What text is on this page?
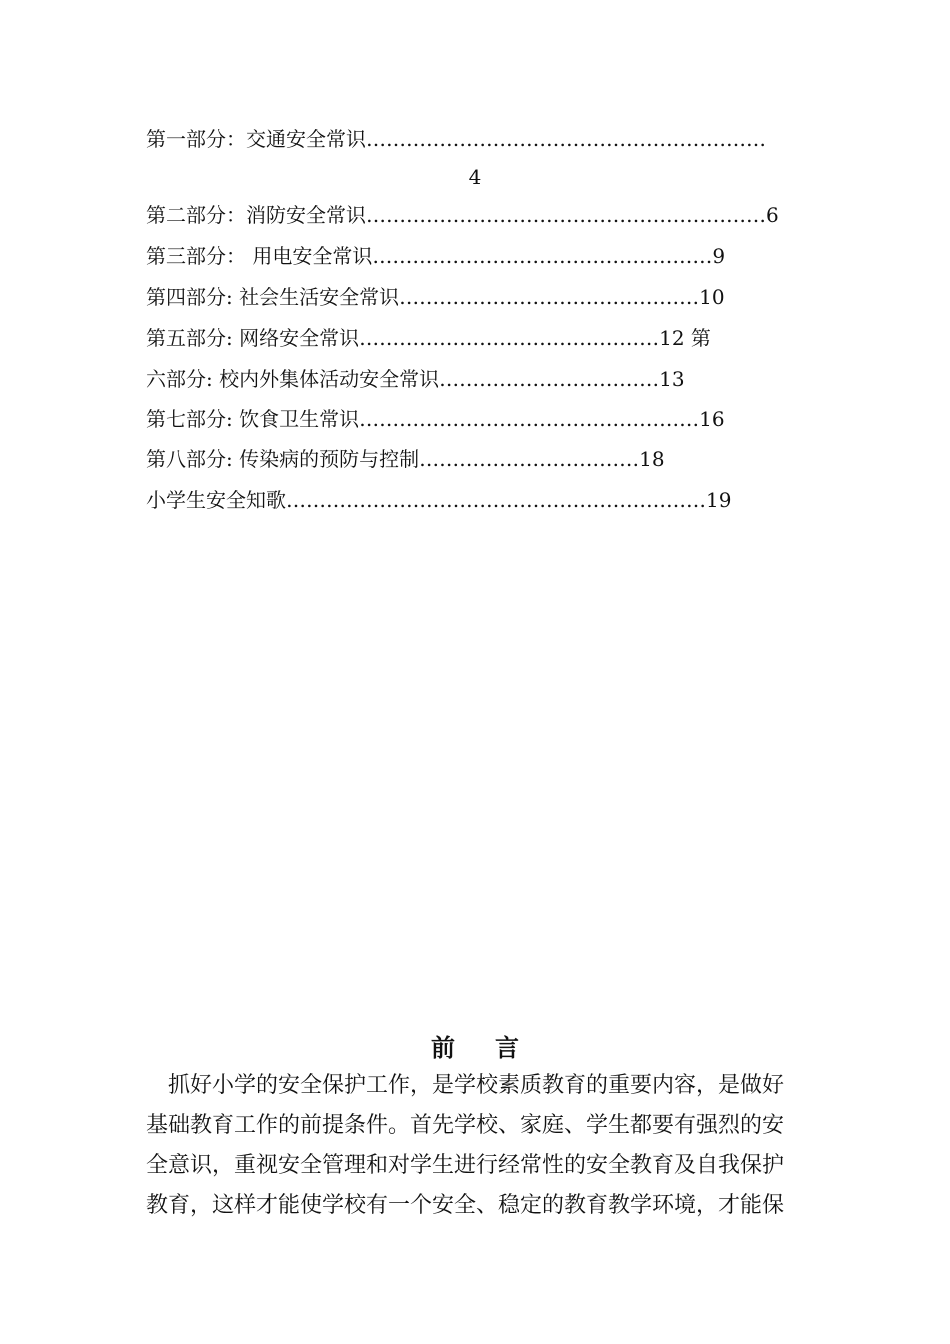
第一部分：交通安全常识……………………………………………………
4
第二部分：消防安全常识……………………………………………………6
第三部分： 用电安全常识……………………………………………9
第四部分: 社会生活安全常识………………………………………10
第五部分: 网络安全常识………………………………………12 第
六部分: 校内外集体活动安全常识……………………………13
第七部分: 饮食卫生常识……………………………………………16
第八部分: 传染病的预防与控制……………………………18
小学生安全知歌………………………………………………………19
前言
　抓好小学的安全保护工作，是学校素质教育的重要内容，是做好
基础教育工作的前提条件。首先学校、家庭、学生都要有强烈的安
全意识，重视安全管理和对学生进行经常性的安全教育及自我保护
教育，这样才能使学校有一个安全、稳定的教育教学环境，才能保
